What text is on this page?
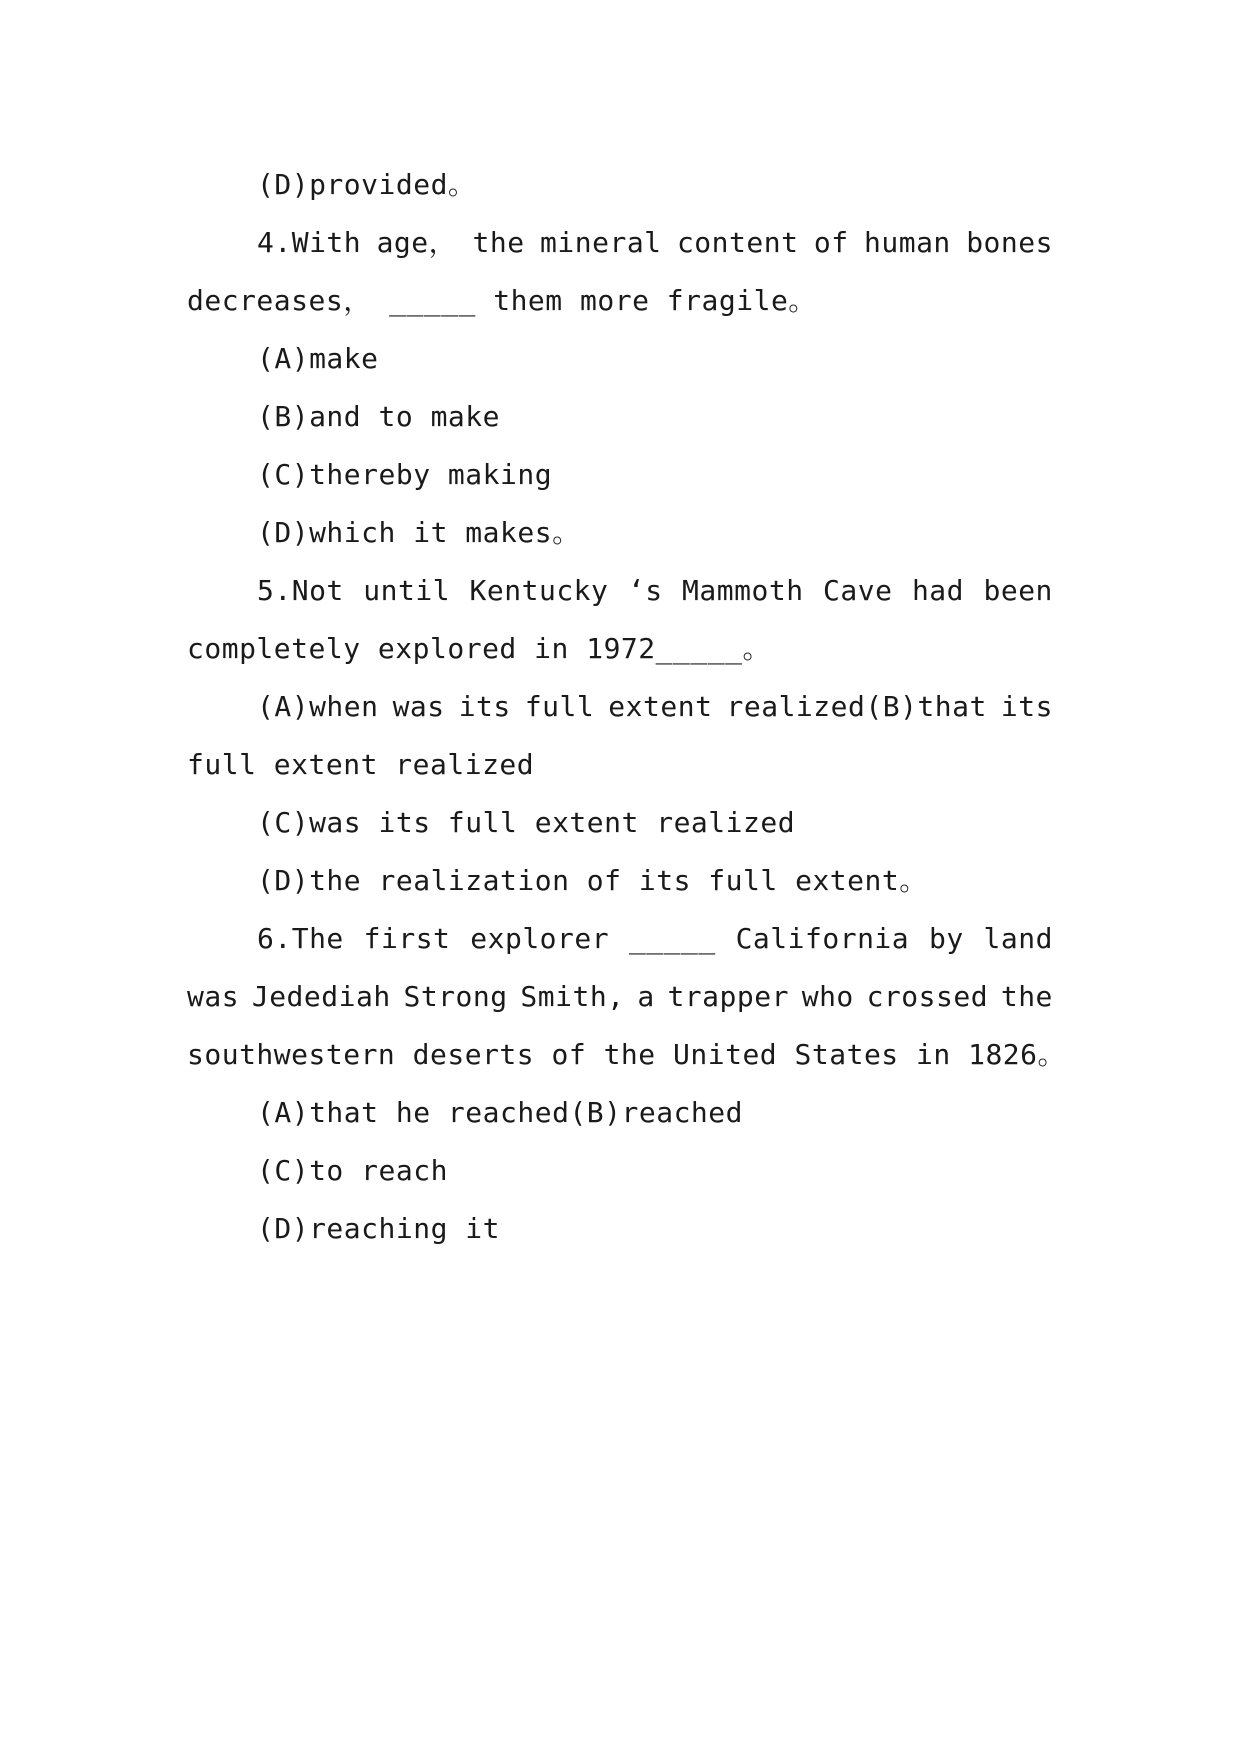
(D)provided。
4.With age， the mineral content of human bones
decreases， _____ them more fragile。
(A)make
(B)and to make
(C)thereby making
(D)which it makes。
5.Not until Kentucky ‘s Mammoth Cave had been
completely explored in 1972_____。
(A)when was its full extent realized(B)that its
full extent realized
(C)was its full extent realized
(D)the realization of its full extent。
6.The first explorer _____ California by land
was Jedediah Strong Smith, a trapper who crossed the
southwestern deserts of the United States in 1826。
(A)that he reached(B)reached
(C)to reach
(D)reaching it
